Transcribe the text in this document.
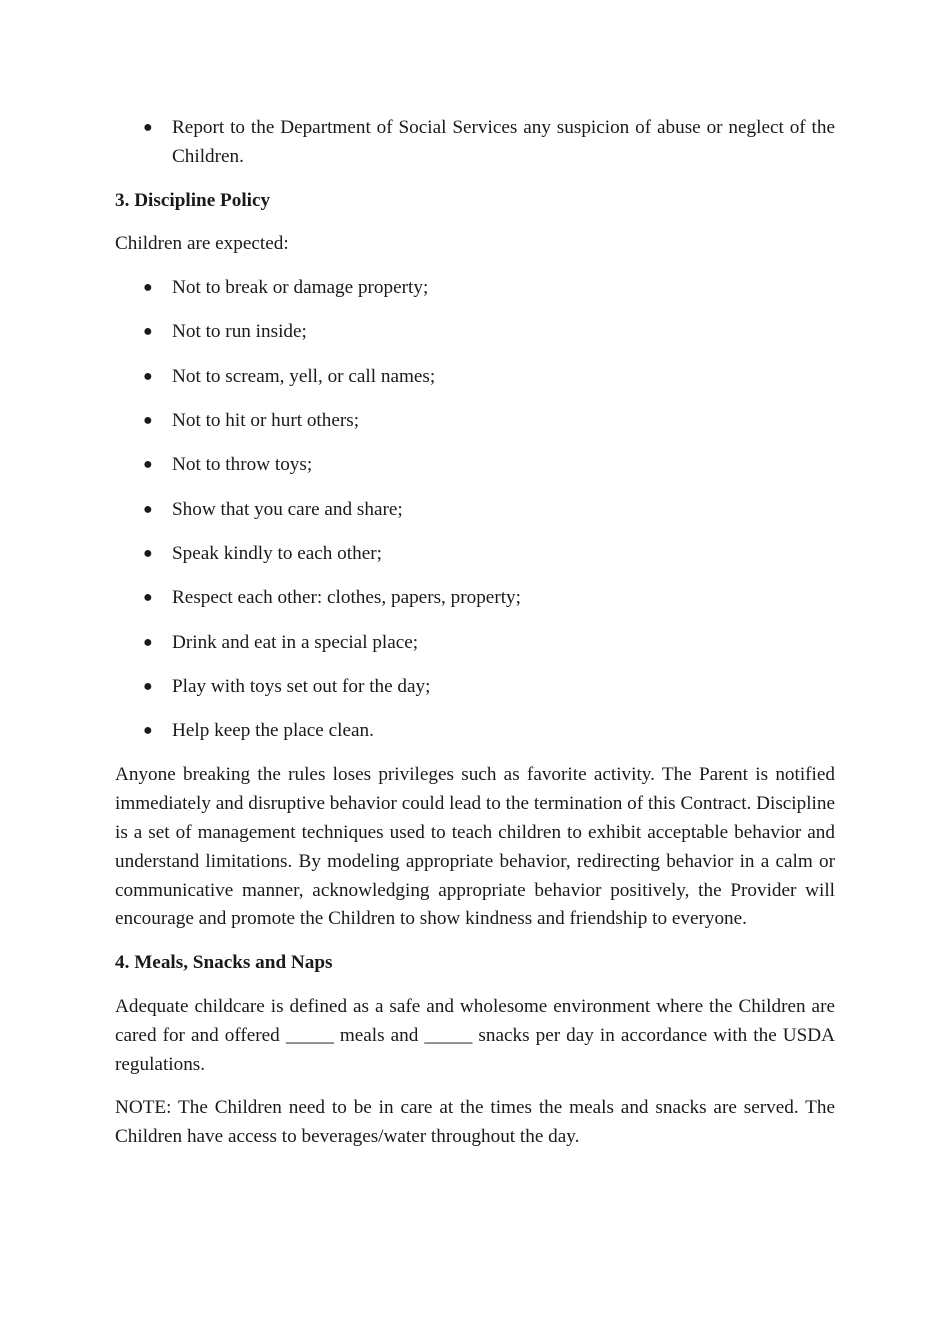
● Report to the Department of Social Services any suspicion of abuse or neglect of the Children.
3. Discipline Policy
Children are expected:
● Not to break or damage property;
● Not to run inside;
● Not to scream, yell, or call names;
● Not to hit or hurt others;
● Not to throw toys;
● Show that you care and share;
● Speak kindly to each other;
● Respect each other: clothes, papers, property;
● Drink and eat in a special place;
● Play with toys set out for the day;
● Help keep the place clean.
Anyone breaking the rules loses privileges such as favorite activity. The Parent is notified immediately and disruptive behavior could lead to the termination of this Contract. Discipline is a set of management techniques used to teach children to exhibit acceptable behavior and understand limitations. By modeling appropriate behavior, redirecting behavior in a calm or communicative manner, acknowledging appropriate behavior positively, the Provider will encourage and promote the Children to show kindness and friendship to everyone.
4. Meals, Snacks and Naps
Adequate childcare is defined as a safe and wholesome environment where the Children are cared for and offered _____ meals and _____ snacks per day in accordance with the USDA regulations.
NOTE: The Children need to be in care at the times the meals and snacks are served. The Children have access to beverages/water throughout the day.
